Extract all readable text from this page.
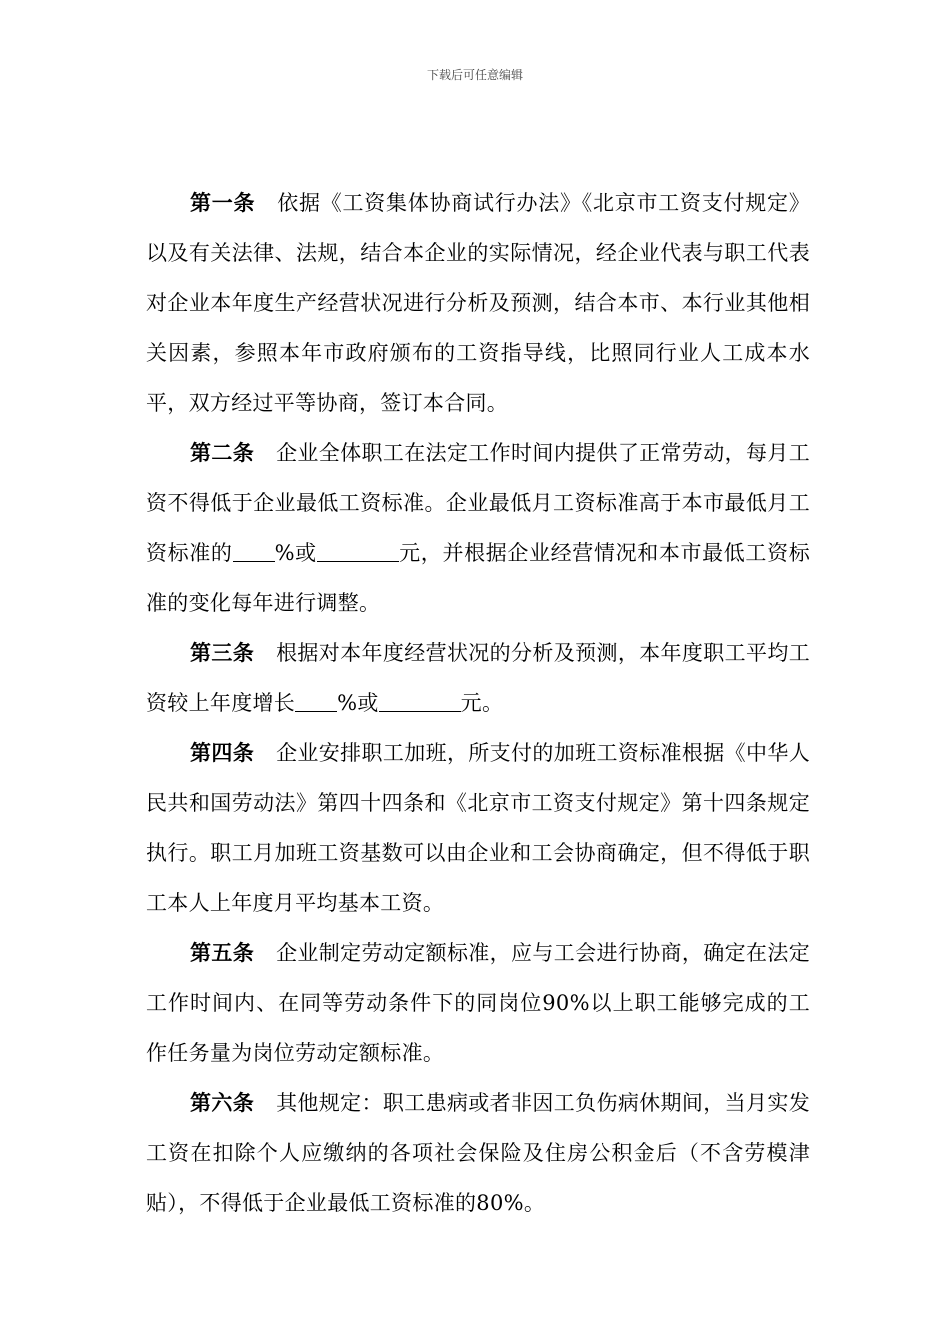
下载后可任意编辑

第一条 依据《工资集体协商试行办法》《北京市工资支付规定》以及有关法律、法规，结合本企业的实际情况，经企业代表与职工代表对企业本年度生产经营状况进行分析及预测，结合本市、本行业其他相关因素，参照本年市政府颁布的工资指导线，比照同行业人工成本水平，双方经过平等协商，签订本合同。

第二条 企业全体职工在法定工作时间内提供了正常劳动，每月工资不得低于企业最低工资标准。企业最低月工资标准高于本市最低月工资标准的 %或	元，并根据企业经营情况和本市最低工资标准的变化每年进行调整。

第三条 根据对本年度经营状况的分析及预测，本年度职工平均工资较上年度增长 %或	元。

第四条 企业安排职工加班，所支付的加班工资标准根据《中华人民共和国劳动法》第四十四条和《北京市工资支付规定》第十四条规定执行。职工月加班工资基数可以由企业和工会协商确定，但不得低于职工本人上年度月平均基本工资。

第五条 企业制定劳动定额标准，应与工会进行协商，确定在法定工作时间内、在同等劳动条件下的同岗位90%以上职工能够完成的工作任务量为岗位劳动定额标准。

第六条 其他规定：职工患病或者非因工负伤病休期间，当月实发工资在扣除个人应缴纳的各项社会保险及住房公积金后（不含劳模津贴），不得低于企业最低工资标准的80%。
